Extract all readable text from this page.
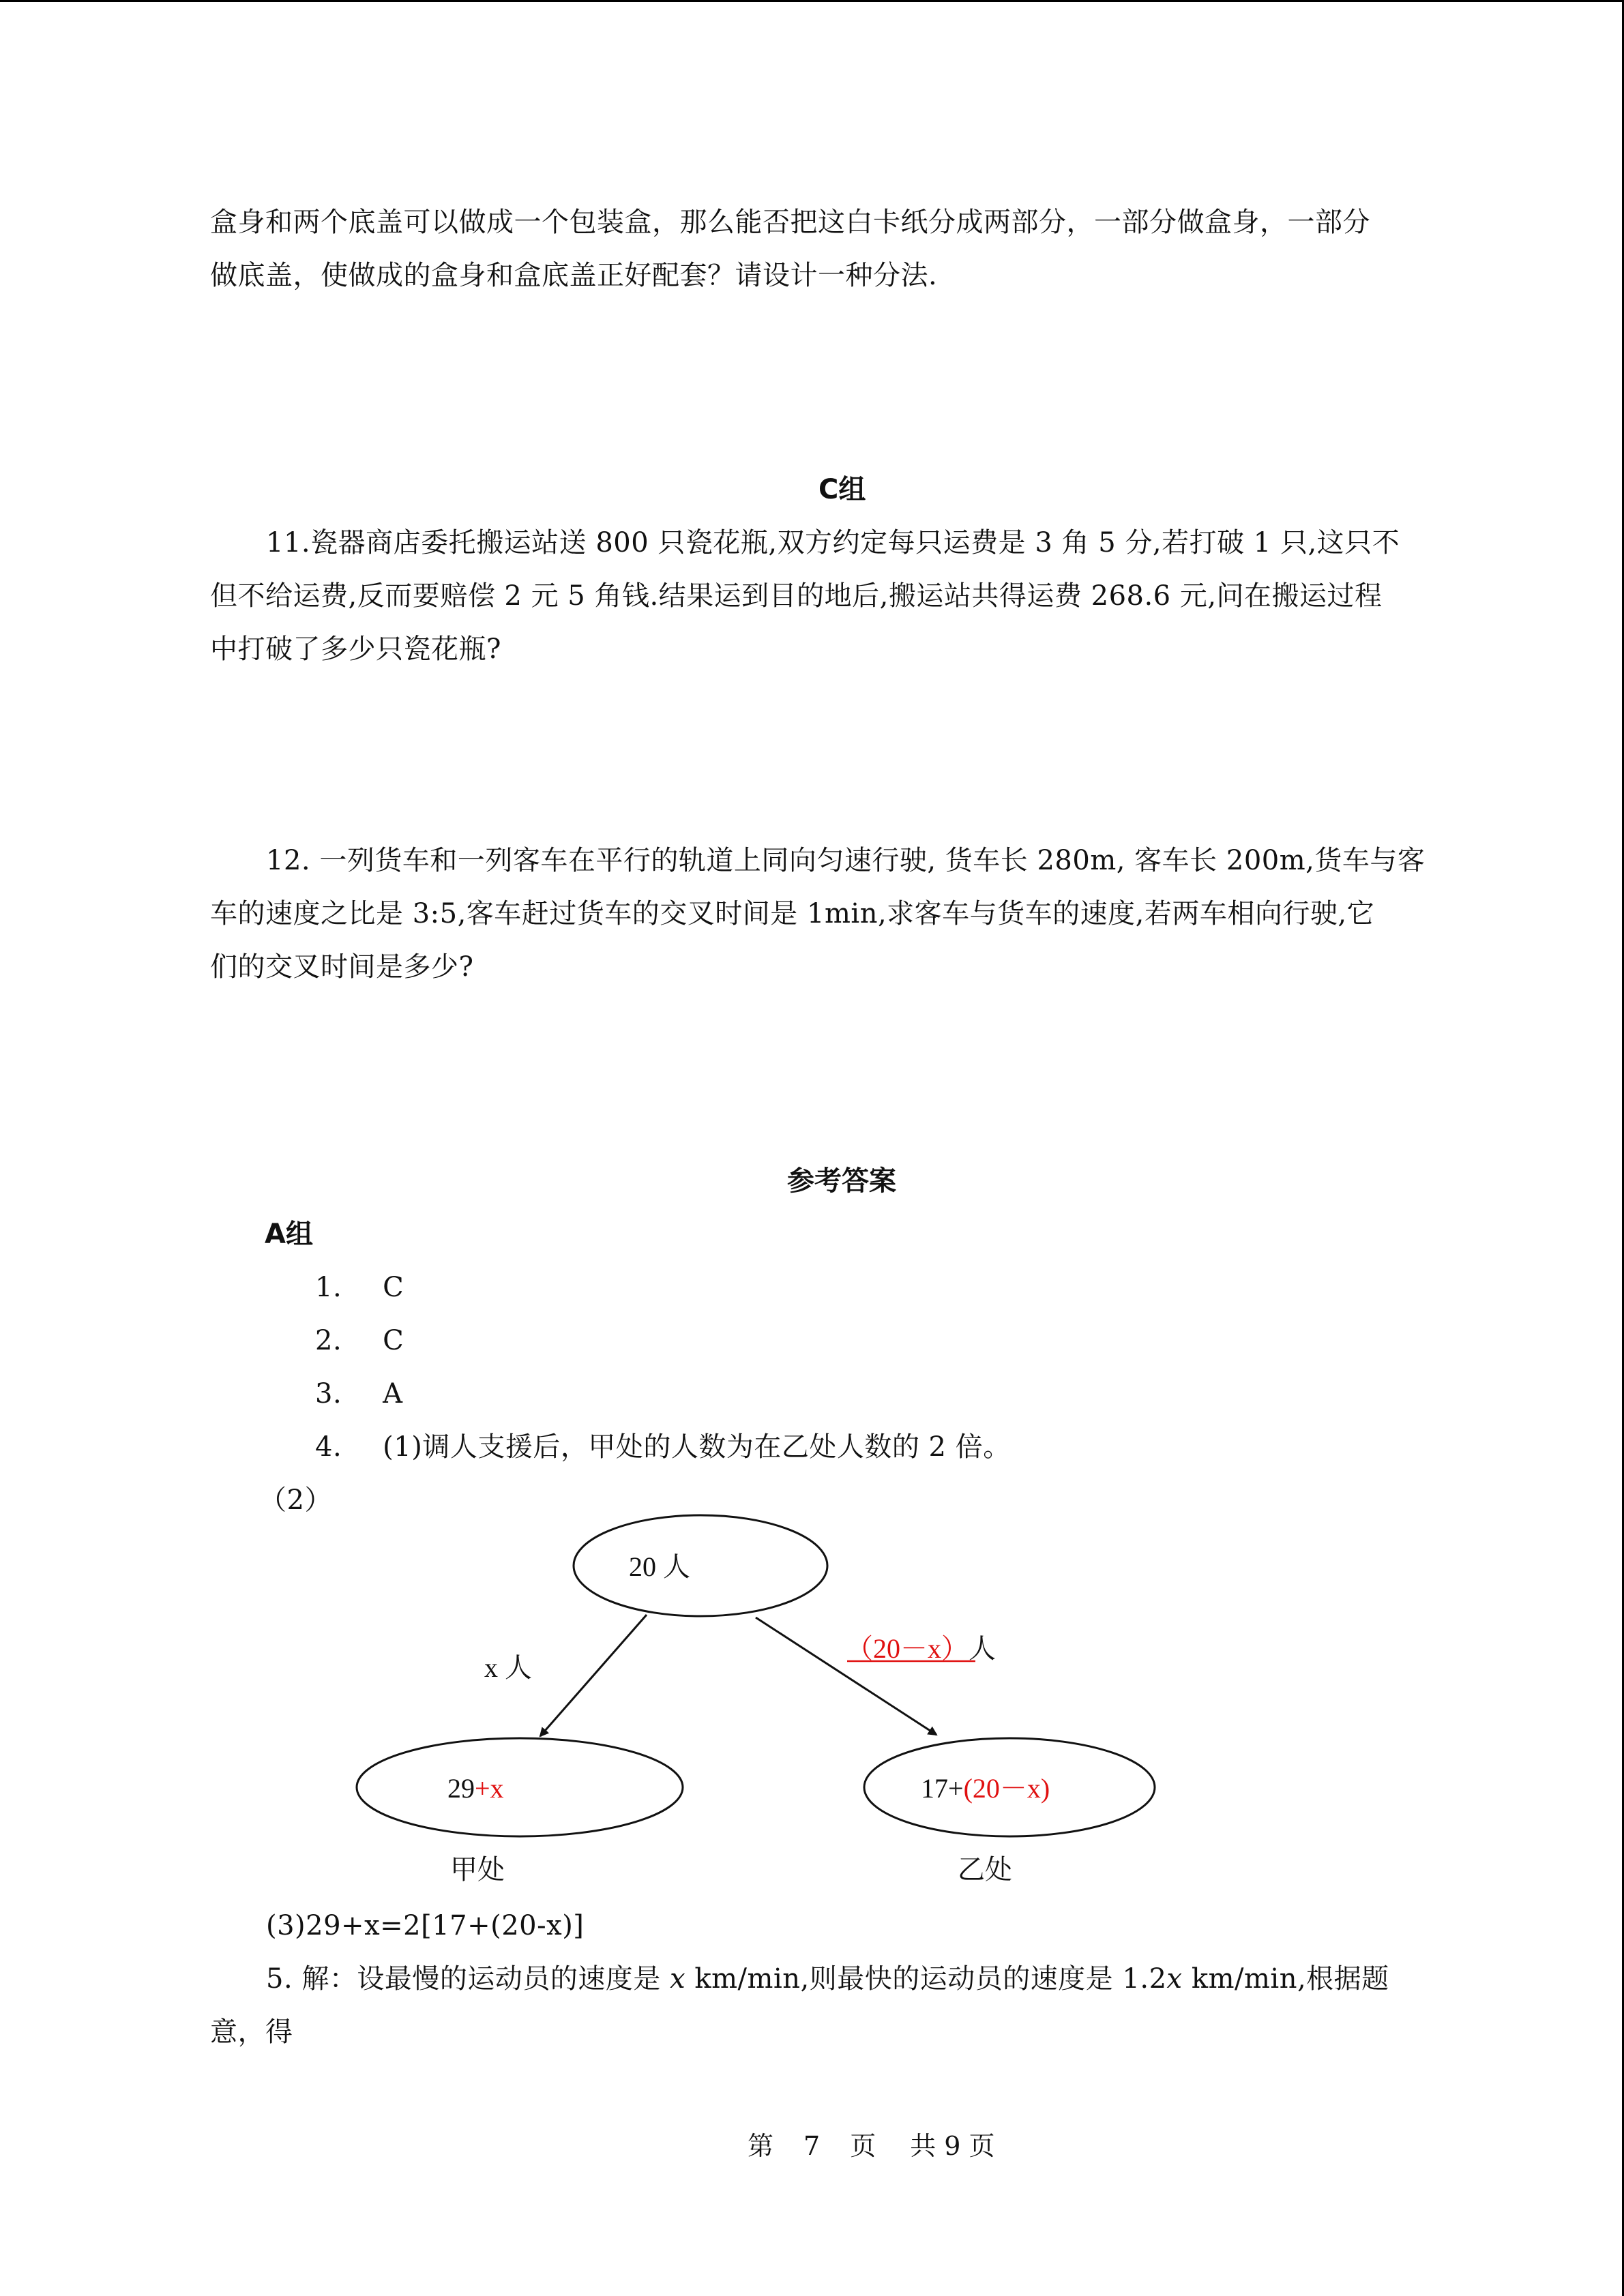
盒身和两个底盖可以做成一个包装盒，那么能否把这白卡纸分成两部分，一部分做盒身，一部分
做底盖，使做成的盒身和盒底盖正好配套？请设计一种分法.
C组
11.瓷器商店委托搬运站送 800 只瓷花瓶,双方约定每只运费是 3 角 5 分,若打破 1 只,这只不
但不给运费,反而要赔偿 2 元 5 角钱.结果运到目的地后,搬运站共得运费 268.6 元,问在搬运过程
中打破了多少只瓷花瓶?
12. 一列货车和一列客车在平行的轨道上同向匀速行驶, 货车长 280m, 客车长 200m,货车与客
车的速度之比是 3:5,客车赶过货车的交叉时间是 1min,求客车与货车的速度,若两车相向行驶,它
们的交叉时间是多少?
参考答案
A组
1. C
2. C
3. A
4. (1)调人支援后，甲处的人数为在乙处人数的 2 倍。
（2）
20 人
x 人
（20－x）人
29+x	17+(20－x)
甲处	乙处
(3)29+x=2[17+(20-x)]
5. 解：设最慢的运动员的速度是 x km/min,则最快的运动员的速度是 1.2x km/min,根据题
意，得
第 7 页 共 9 页
